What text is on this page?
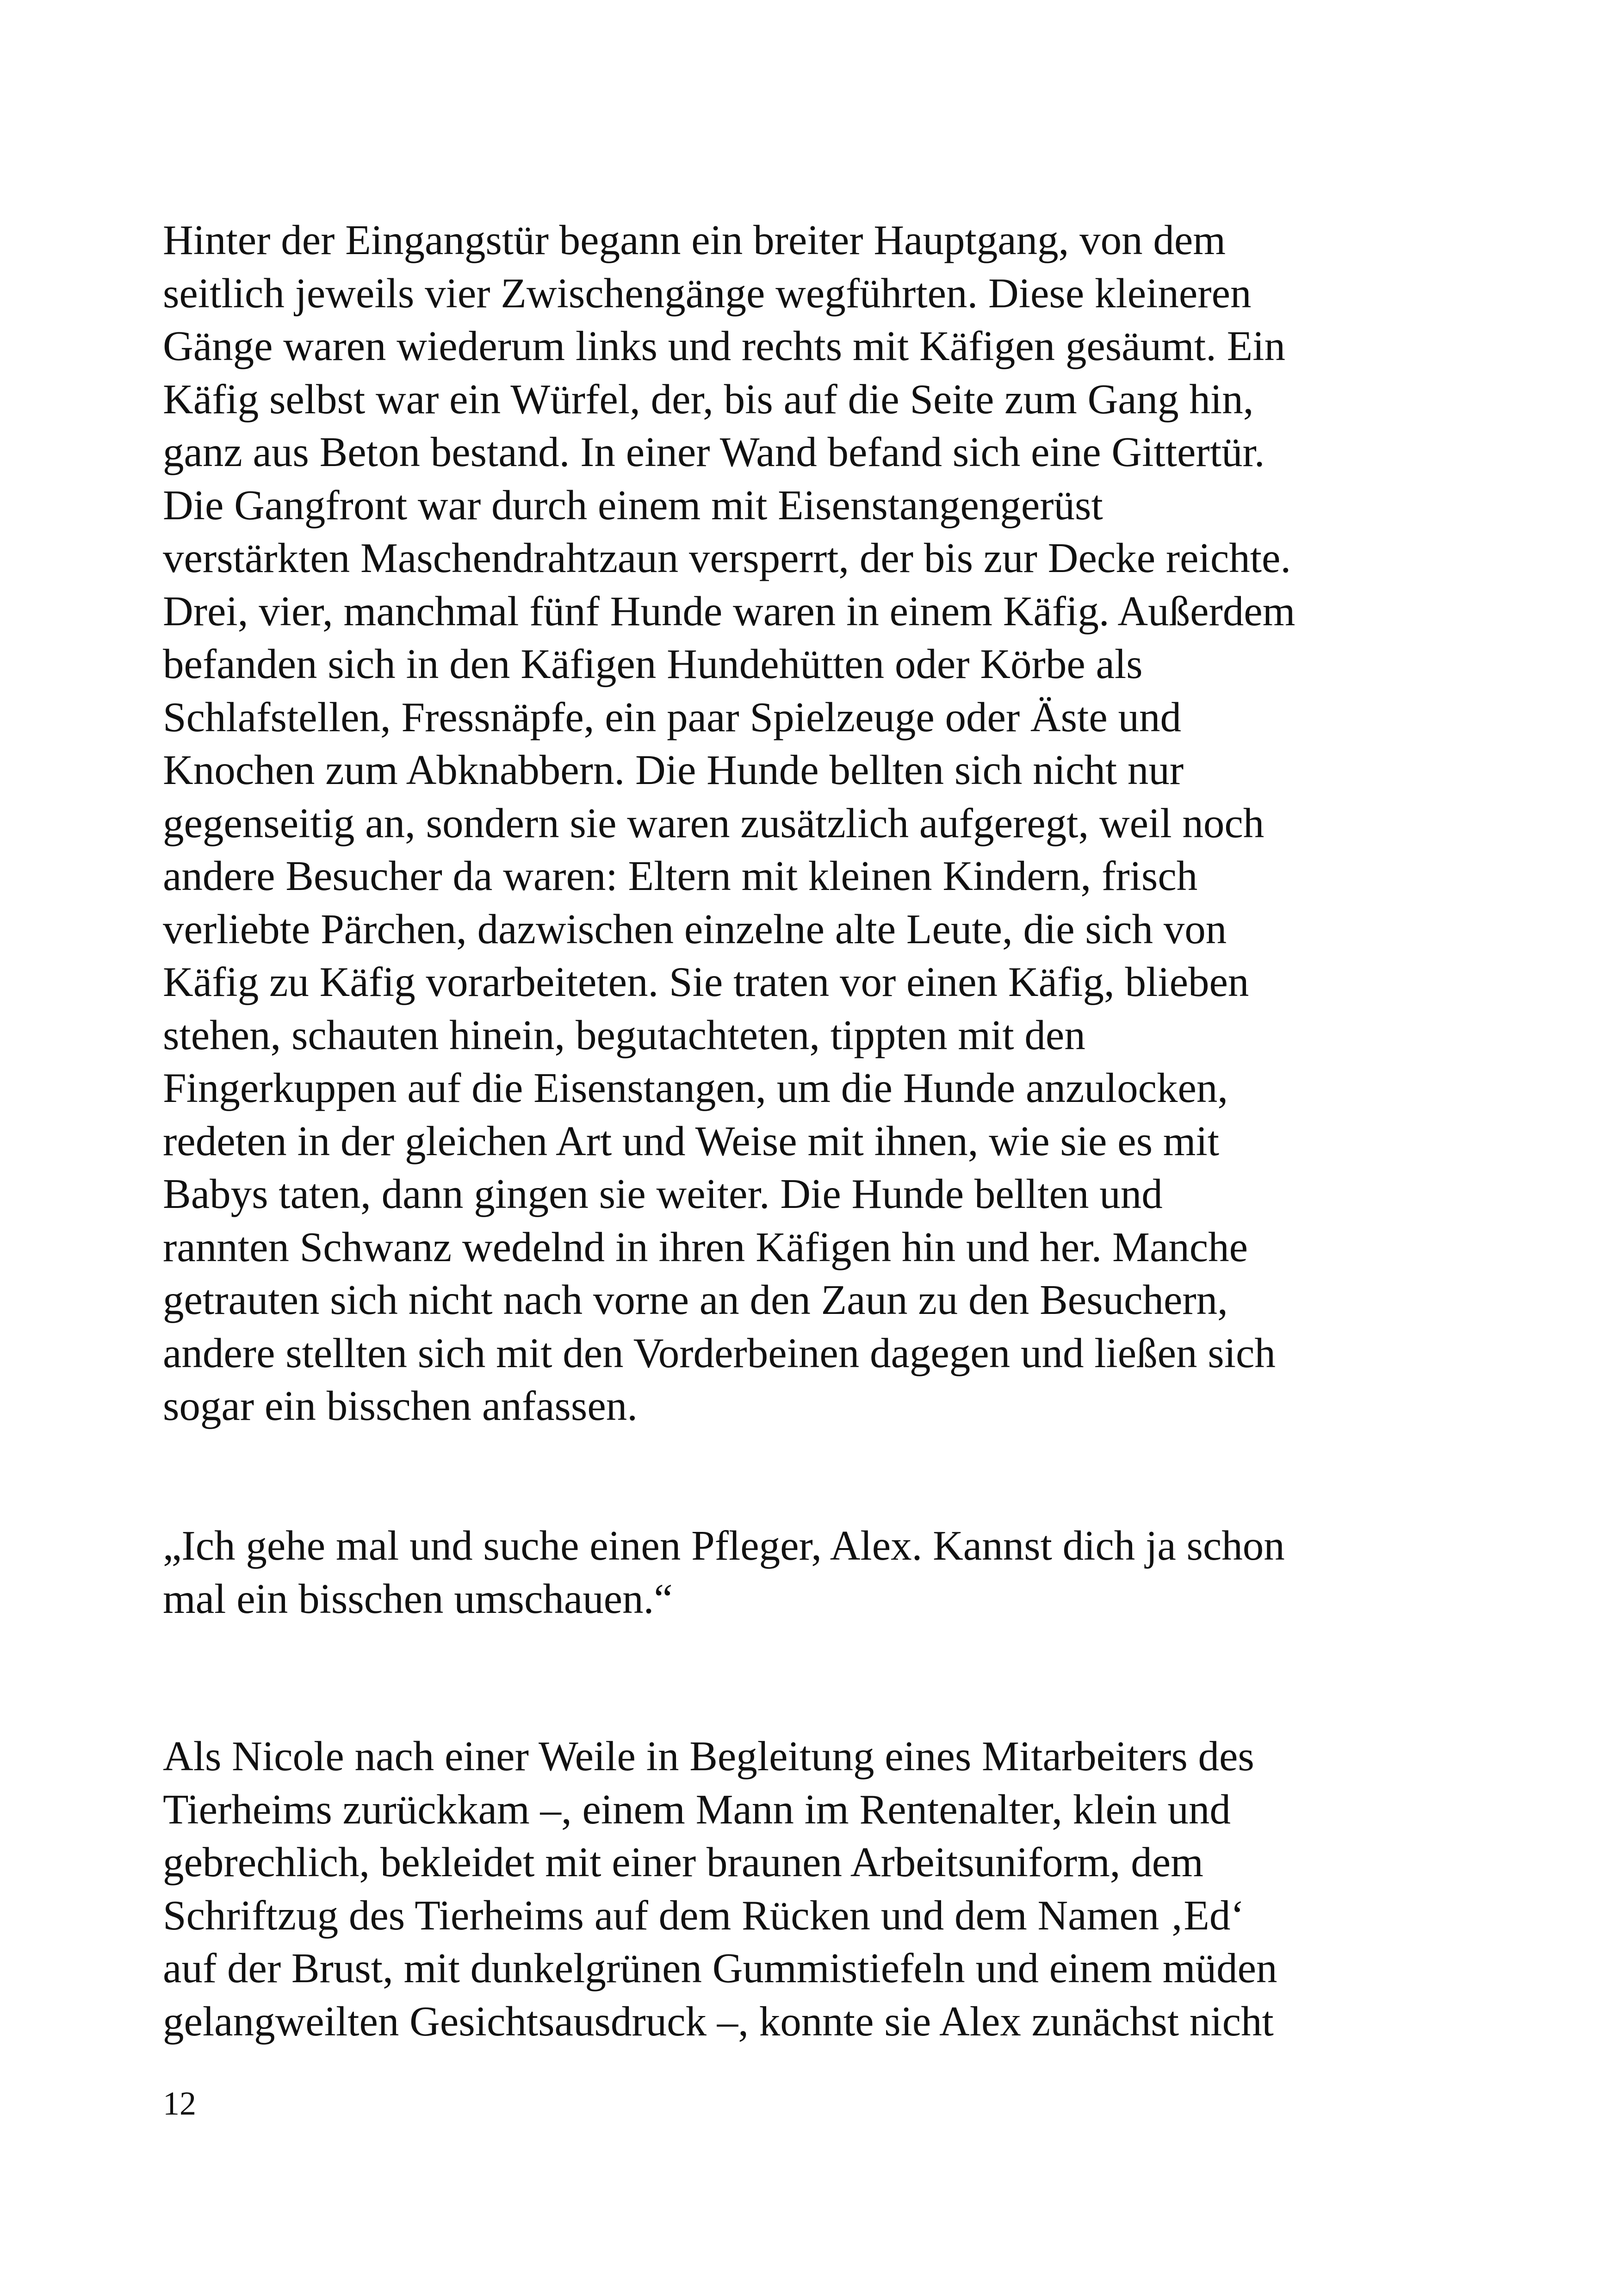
Hinter der Eingangstür begann ein breiter Hauptgang, von dem
seitlich jeweils vier Zwischengänge wegführten. Diese kleineren
Gänge waren wiederum links und rechts mit Käfigen gesäumt. Ein
Käfig selbst war ein Würfel, der, bis auf die Seite zum Gang hin,
ganz aus Beton bestand. In einer Wand befand sich eine Gittertür.
Die Gangfront war durch einem mit Eisenstangengerüst
verstärkten Maschendrahtzaun versperrt, der bis zur Decke reichte.
Drei, vier, manchmal fünf Hunde waren in einem Käfig. Außerdem
befanden sich in den Käfigen Hundehütten oder Körbe als
Schlafstellen, Fressnäpfe, ein paar Spielzeuge oder Äste und
Knochen zum Abknabbern. Die Hunde bellten sich nicht nur
gegenseitig an, sondern sie waren zusätzlich aufgeregt, weil noch
andere Besucher da waren: Eltern mit kleinen Kindern, frisch
verliebte Pärchen, dazwischen einzelne alte Leute, die sich von
Käfig zu Käfig vorarbeiteten. Sie traten vor einen Käfig, blieben
stehen, schauten hinein, begutachteten, tippten mit den
Fingerkuppen auf die Eisenstangen, um die Hunde anzulocken,
redeten in der gleichen Art und Weise mit ihnen, wie sie es mit
Babys taten, dann gingen sie weiter. Die Hunde bellten und
rannten Schwanz wedelnd in ihren Käfigen hin und her. Manche
getrauten sich nicht nach vorne an den Zaun zu den Besuchern,
andere stellten sich mit den Vorderbeinen dagegen und ließen sich
sogar ein bisschen anfassen.
„Ich gehe mal und suche einen Pfleger, Alex. Kannst dich ja schon
mal ein bisschen umschauen.“
Als Nicole nach einer Weile in Begleitung eines Mitarbeiters des
Tierheims zurückkam –, einem Mann im Rentenalter, klein und
gebrechlich, bekleidet mit einer braunen Arbeitsuniform, dem
Schriftzug des Tierheims auf dem Rücken und dem Namen ‚Ed‘
auf der Brust, mit dunkelgrünen Gummistiefeln und einem müden
gelangweilten Gesichtsausdruck –, konnte sie Alex zunächst nicht
12
